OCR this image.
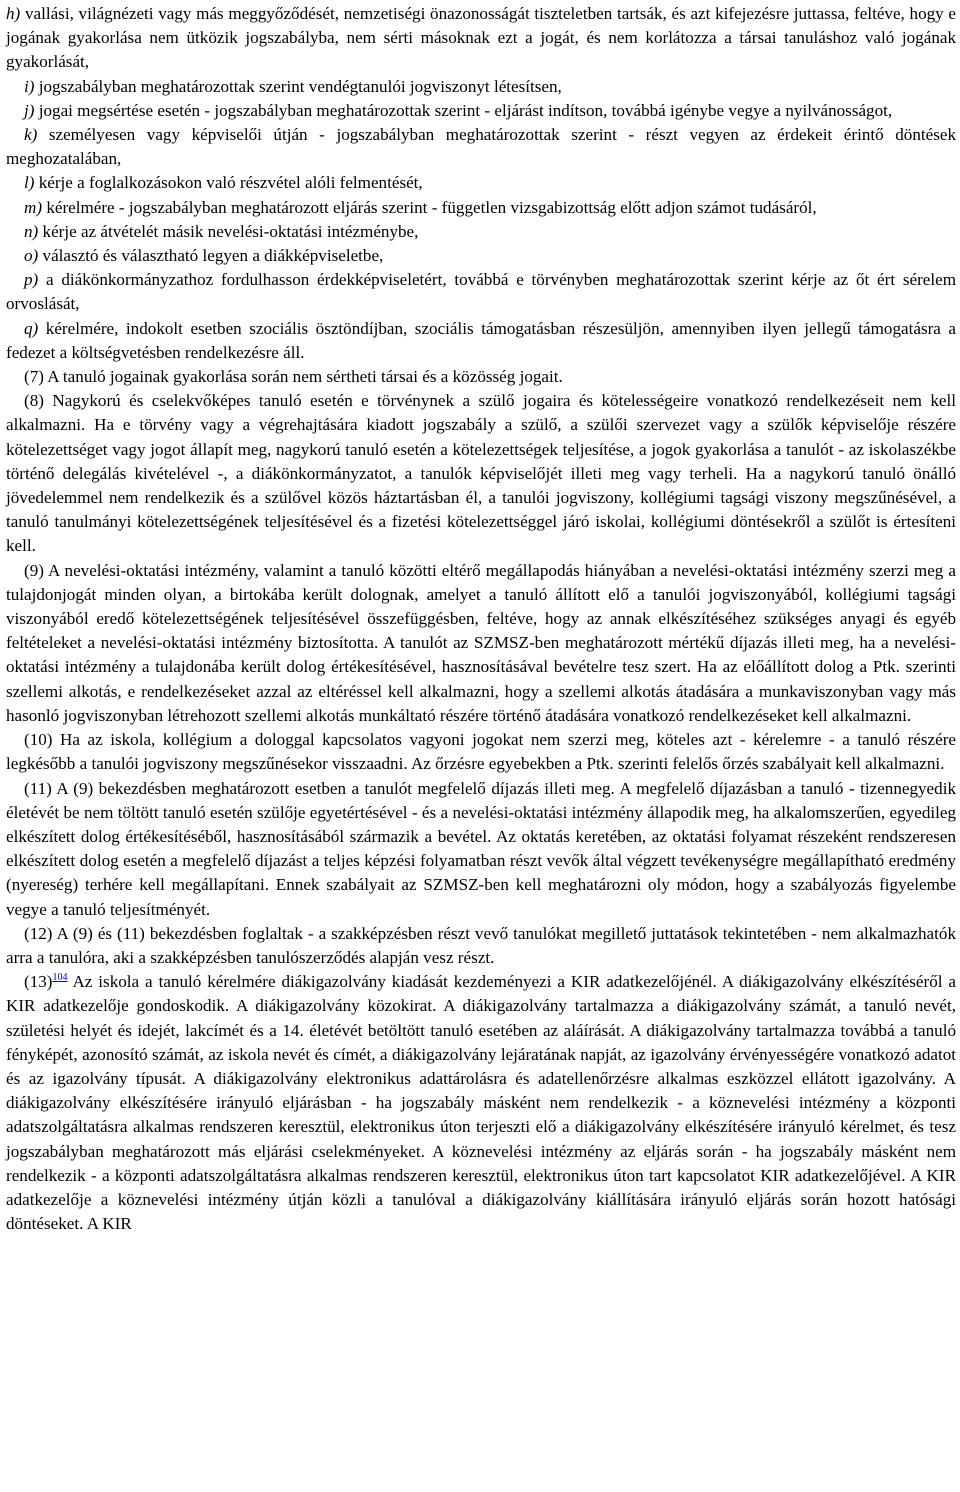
h) vallási, világnézeti vagy más meggyőződését, nemzetiségi önazonosságát tiszteletben tartsák, és azt kifejezésre juttassa, feltéve, hogy e jogának gyakorlása nem ütközik jogszabályba, nem sérti másoknak ezt a jogát, és nem korlátozza a társai tanuláshoz való jogának gyakorlását,

i) jogszabályban meghatározottak szerint vendégtanulói jogviszonyt létesítsen,

j) jogai megsértése esetén - jogszabályban meghatározottak szerint - eljárást indítson, továbbá igénybe vegye a nyilvánosságot,

k) személyesen vagy képviselői útján - jogszabályban meghatározottak szerint - részt vegyen az érdekeit érintő döntések meghozatalában,

l) kérje a foglalkozásokon való részvétel alóli felmentését,

m) kérelmére - jogszabályban meghatározott eljárás szerint - független vizsgabizottság előtt adjon számot tudásáról,

n) kérje az átvételét másik nevelési-oktatási intézménybe,

o) választó és választható legyen a diákképviseletbe,

p) a diákönkormányzathoz fordulhasson érdekképviseletért, továbbá e törvényben meghatározottak szerint kérje az őt ért sérelem orvoslását,

q) kérelmére, indokolt esetben szociális ösztöndíjban, szociális támogatásban részesüljön, amennyiben ilyen jellegű támogatásra a fedezet a költségvetésben rendelkezésre áll.

(7) A tanuló jogainak gyakorlása során nem sértheti társai és a közösség jogait.

(8) Nagykorú és cselekvőképes tanuló esetén e törvénynek a szülő jogaira és kötelességeire vonatkozó rendelkezéseit nem kell alkalmazni. Ha e törvény vagy a végrehajtására kiadott jogszabály a szülő, a szülői szervezet vagy a szülők képviselője részére kötelezettséget vagy jogot állapít meg, nagykorú tanuló esetén a kötelezettségek teljesítése, a jogok gyakorlása a tanulót - az iskolaszékbe történő delegálás kivételével -, a diákönkormányzatot, a tanulók képviselőjét illeti meg vagy terheli. Ha a nagykorú tanuló önálló jövedelemmel nem rendelkezik és a szülővel közös háztartásban él, a tanulói jogviszony, kollégiumi tagsági viszony megszűnésével, a tanuló tanulmányi kötelezettségének teljesítésével és a fizetési kötelezettséggel járó iskolai, kollégiumi döntésekről a szülőt is értesíteni kell.

(9) A nevelési-oktatási intézmény, valamint a tanuló közötti eltérő megállapodás hiányában a nevelési-oktatási intézmény szerzi meg a tulajdonjogát minden olyan, a birtokába került dolognak, amelyet a tanuló állított elő a tanulói jogviszonyából, kollégiumi tagsági viszonyából eredő kötelezettségének teljesítésével összefüggésben, feltéve, hogy az annak elkészítéséhez szükséges anyagi és egyéb feltételeket a nevelési-oktatási intézmény biztosította. A tanulót az SZMSZ-ben meghatározott mértékű díjazás illeti meg, ha a nevelési-oktatási intézmény a tulajdonába került dolog értékesítésével, hasznosításával bevételre tesz szert. Ha az előállított dolog a Ptk. szerinti szellemi alkotás, e rendelkezéseket azzal az eltéréssel kell alkalmazni, hogy a szellemi alkotás átadására a munkaviszonyban vagy más hasonló jogviszonyban létrehozott szellemi alkotás munkáltató részére történő átadására vonatkozó rendelkezéseket kell alkalmazni.

(10) Ha az iskola, kollégium a dologgal kapcsolatos vagyoni jogokat nem szerzi meg, köteles azt - kérelemre - a tanuló részére legkésőbb a tanulói jogviszony megszűnésekor visszaadni. Az őrzésre egyebekben a Ptk. szerinti felelős őrzés szabályait kell alkalmazni.

(11) A (9) bekezdésben meghatározott esetben a tanulót megfelelő díjazás illeti meg. A megfelelő díjazásban a tanuló - tizennegyedik életévét be nem töltött tanuló esetén szülője egyetértésével - és a nevelési-oktatási intézmény állapodik meg, ha alkalomszerűen, egyedileg elkészített dolog értékesítéséből, hasznosításából származik a bevétel. Az oktatás keretében, az oktatási folyamat részeként rendszeresen elkészített dolog esetén a megfelelő díjazást a teljes képzési folyamatban részt vevők által végzett tevékenységre megállapítható eredmény (nyereség) terhére kell megállapítani. Ennek szabályait az SZMSZ-ben kell meghatározni oly módon, hogy a szabályozás figyelembe vegye a tanuló teljesítményét.

(12) A (9) és (11) bekezdésben foglaltak - a szakképzésben részt vevő tanulókat megillető juttatások tekintetében - nem alkalmazhatók arra a tanulóra, aki a szakképzésben tanulószerződés alapján vesz részt.

(13)$^{104}$ Az iskola a tanuló kérelmére diákigazolvány kiadását kezdeményezi a KIR adatkezelőjénél. A diákigazolvány elkészítéséről a KIR adatkezelője gondoskodik. A diákigazolvány közokirat. A diákigazolvány tartalmazza a diákigazolvány számát, a tanuló nevét, születési helyét és idejét, lakcímét és a 14. életévét betöltött tanuló esetében az aláírását. A diákigazolvány tartalmazza továbbá a tanuló fényképét, azonosító számát, az iskola nevét és címét, a diákigazolvány lejáratának napját, az igazolvány érvényességére vonatkozó adatot és az igazolvány típusát. A diákigazolvány elektronikus adattárolásra és adatellenőrzésre alkalmas eszközzel ellátott igazolvány. A diákigazolvány elkészítésére irányuló eljárásban - ha jogszabály másként nem rendelkezik - a köznevelési intézmény a központi adatszolgáltatásra alkalmas rendszeren keresztül, elektronikus úton terjeszti elő a diákigazolvány elkészítésére irányuló kérelmet, és tesz jogszabályban meghatározott más eljárási cselekményeket. A köznevelési intézmény az eljárás során - ha jogszabály másként nem rendelkezik - a központi adatszolgáltatásra alkalmas rendszeren keresztül, elektronikus úton tart kapcsolatot KIR adatkezelőjével. A KIR adatkezelője a köznevelési intézmény útján közli a tanulóval a diákigazolvány kiállítására irányuló eljárás során hozott hatósági döntéseket. A KIR
